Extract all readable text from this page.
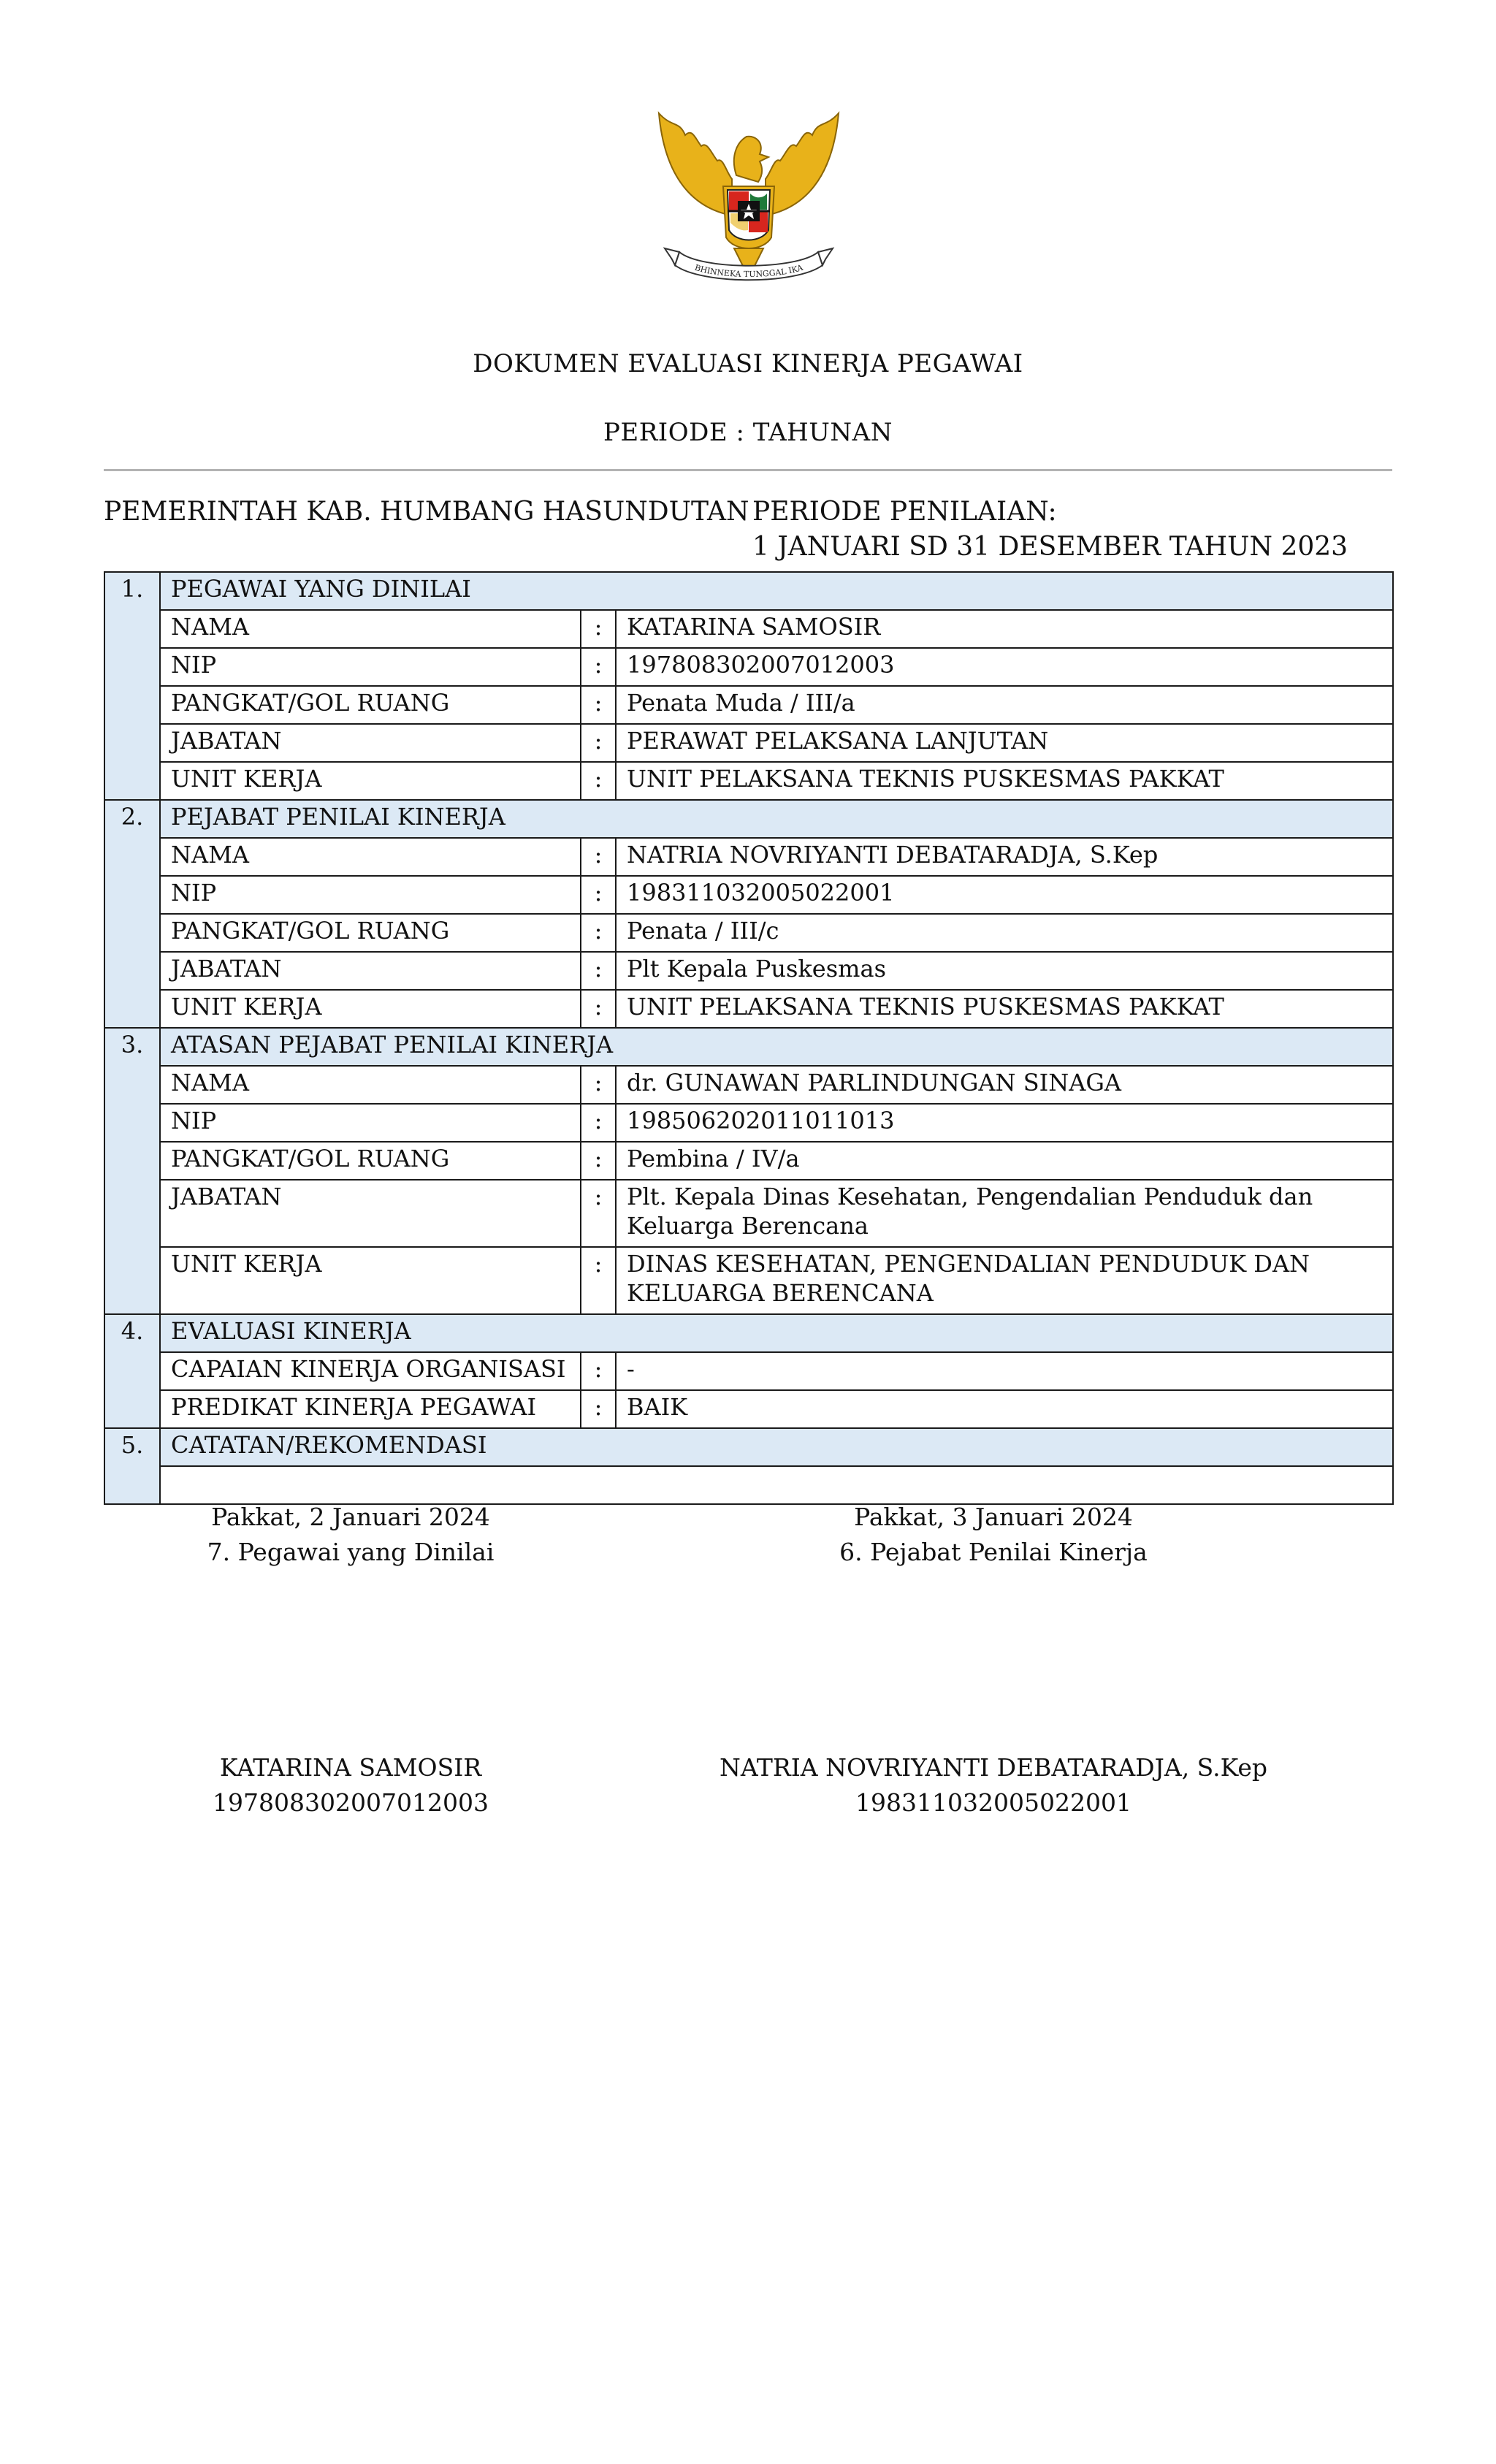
BHINNEKA TUNGGAL IKA
DOKUMEN EVALUASI KINERJA PEGAWAI
PERIODE : TAHUNAN
PEMERINTAH KAB. HUMBANG HASUNDUTAN PERIODE PENILAIAN:
1 JANUARI SD 31 DESEMBER TAHUN 2023
1.	PEGAWAI YANG DINILAI		
	NAMA	:	KATARINA SAMOSIR
	NIP	:	197808302007012003
	PANGKAT/GOL RUANG	:	Penata Muda / III/a
	JABATAN	:	PERAWAT PELAKSANA LANJUTAN
	UNIT KERJA	:	UNIT PELAKSANA TEKNIS PUSKESMAS PAKKAT
2.	PEJABAT PENILAI KINERJA		
	NAMA	:	NATRIA NOVRIYANTI DEBATARADJA, S.Kep
	NIP	:	198311032005022001
	PANGKAT/GOL RUANG	:	Penata / III/c
	JABATAN	:	Plt Kepala Puskesmas
	UNIT KERJA	:	UNIT PELAKSANA TEKNIS PUSKESMAS PAKKAT
3.	ATASAN PEJABAT PENILAI KINERJA		
	NAMA	:	dr. GUNAWAN PARLINDUNGAN SINAGA
	NIP	:	198506202011011013
	PANGKAT/GOL RUANG	:	Pembina / IV/a
	JABATAN	:	Plt. Kepala Dinas Kesehatan, Pengendalian Penduduk dan Keluarga Berencana
	UNIT KERJA	:	DINAS KESEHATAN, PENGENDALIAN PENDUDUK DAN KELUARGA BERENCANA
4.	EVALUASI KINERJA		
	CAPAIAN KINERJA ORGANISASI	:	-
	PREDIKAT KINERJA PEGAWAI	:	BAIK
5.	CATATAN/REKOMENDASI		

Pakkat, 2 Januari 2024
7. Pegawai yang Dinilai
Pakkat, 3 Januari 2024
6. Pejabat Penilai Kinerja
KATARINA SAMOSIR
197808302007012003
NATRIA NOVRIYANTI DEBATARADJA, S.Kep
198311032005022001
